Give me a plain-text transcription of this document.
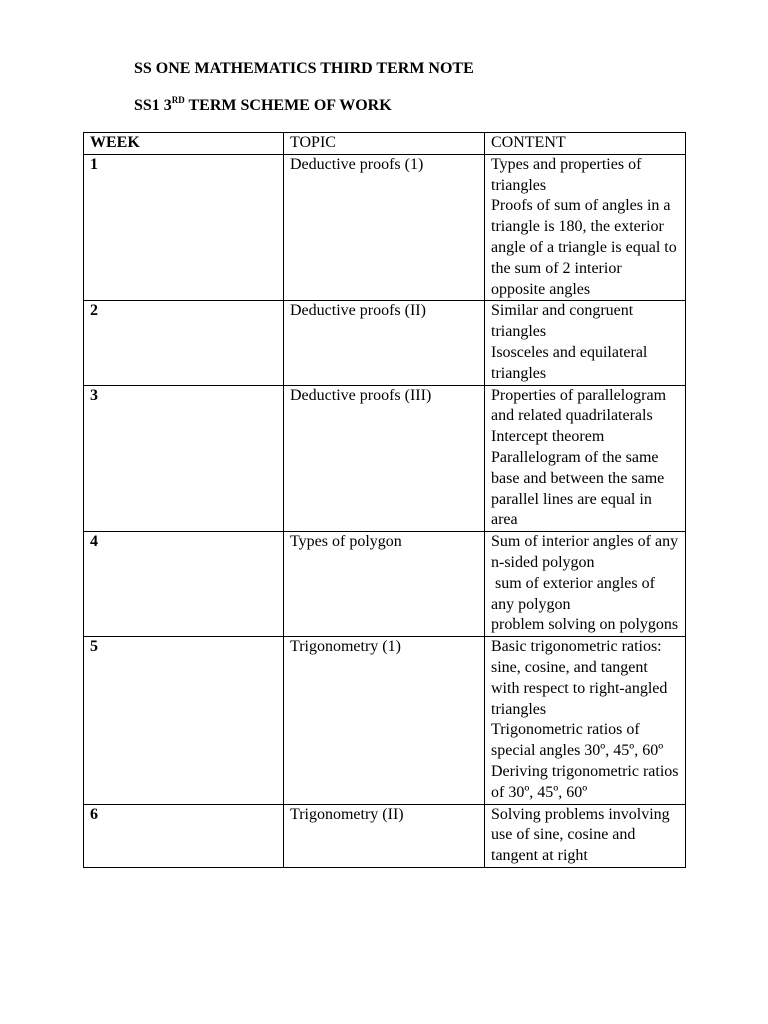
SS ONE MATHEMATICS THIRD TERM NOTE
SS1 3RD TERM SCHEME OF WORK
WEEK	TOPIC	CONTENT
1	Deductive proofs (1)	Types and properties of triangles
Proofs of sum of angles in a triangle is 180, the exterior angle of a triangle is equal to the sum of 2 interior opposite angles

2	Deductive proofs (II)	Similar and congruent triangles
Isosceles and equilateral triangles

3	Deductive proofs (III)	Properties of parallelogram and related quadrilaterals
Intercept theorem
Parallelogram of the same base and between the same parallel lines are equal in area

4	Types of polygon	Sum of interior angles of any n-sided polygon
sum of exterior angles of any polygon
problem solving on polygons

5	Trigonometry (1)	Basic trigonometric ratios: sine, cosine, and tangent with respect to right-angled triangles
Trigonometric ratios of special angles 30º, 45º, 60º
Deriving trigonometric ratios of 30º, 45º, 60º

6	Trigonometry (II)	Solving problems involving use of sine, cosine and tangent at right
